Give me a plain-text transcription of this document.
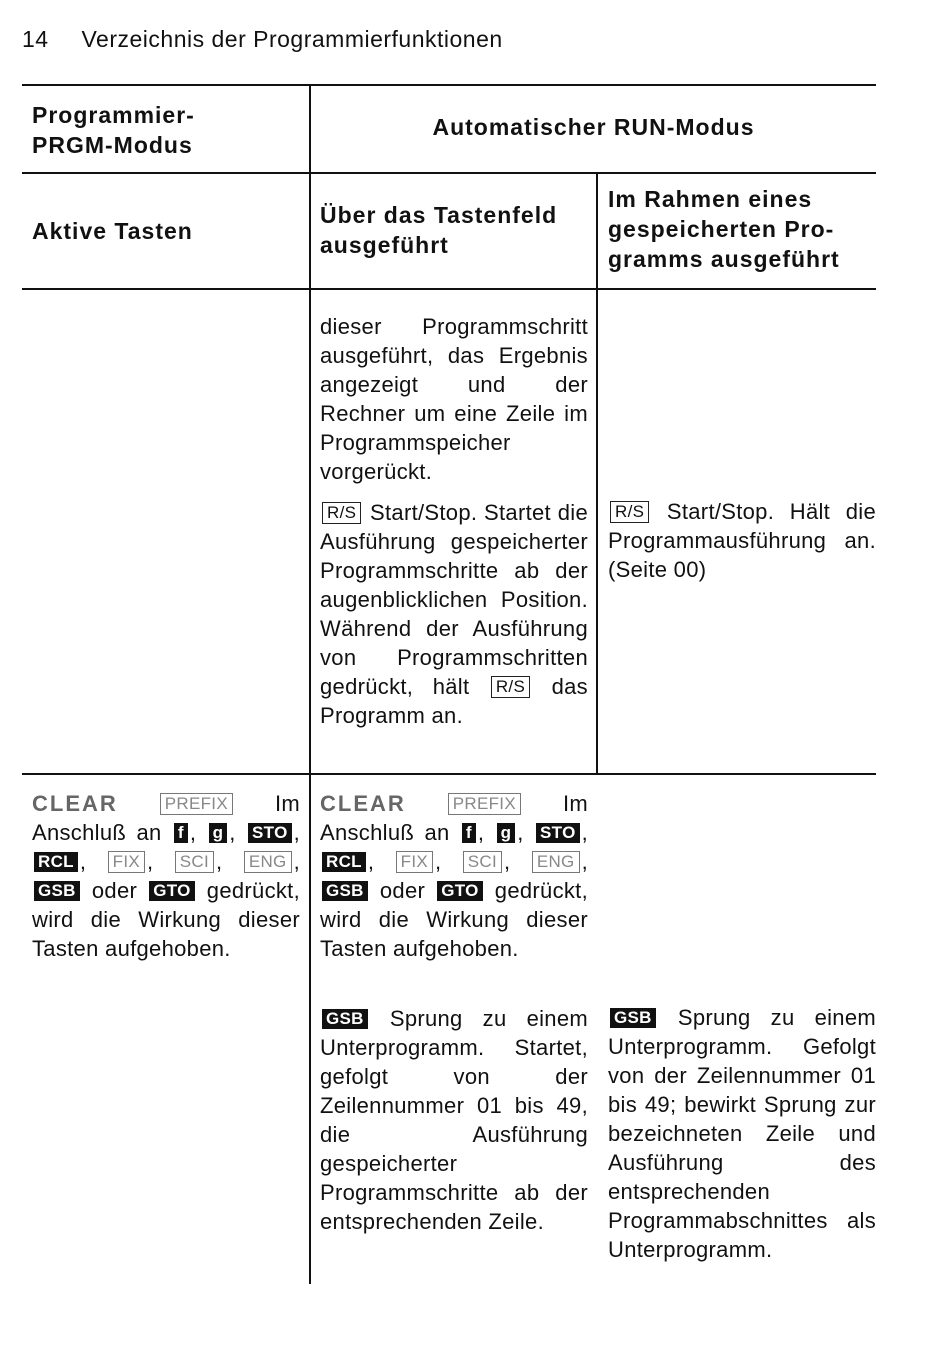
14 Verzeichnis der Programmierfunktionen
Programmier-
PRGM-Modus
Automatischer RUN-Modus
Aktive Tasten
Über das Tastenfeld
ausgeführt
Im Rahmen eines
gespeicherten Pro-
gramms ausgeführt
dieser Programmschritt ausgeführt, das Ergebnis angezeigt und der Rechner um eine Zeile im Programmspeicher vorgerückt.
R/S Start/Stop. Startet die Ausführung gespeicherter Programmschritte ab der augenblicklichen Position. Während der Ausführung von Programmschritten gedrückt, hält R/S das Programm an.
R/S Start/Stop. Hält die Programmausführung an. (Seite 00)
CLEAR	PREFIX Im Anschluß an f , g , STO , RCL , FIX , SCI , ENG , GSB oder GTO gedrückt, wird die Wirkung dieser Tasten aufgehoben.
CLEAR	PREFIX Im Anschluß an f , g , STO , RCL , FIX , SCI , ENG , GSB oder GTO gedrückt, wird die Wirkung dieser Tasten aufgehoben.
GSB Sprung zu einem Unterprogramm. Startet, gefolgt von der Zeilennummer 01 bis 49, die Ausführung gespeicherter Programmschritte ab der entsprechenden Zeile.
GSB Sprung zu einem Unterprogramm. Gefolgt von der Zeilennummer 01 bis 49; bewirkt Sprung zur bezeichneten Zeile und Ausführung des entsprechenden Programmabschnittes als Unterprogramm.
